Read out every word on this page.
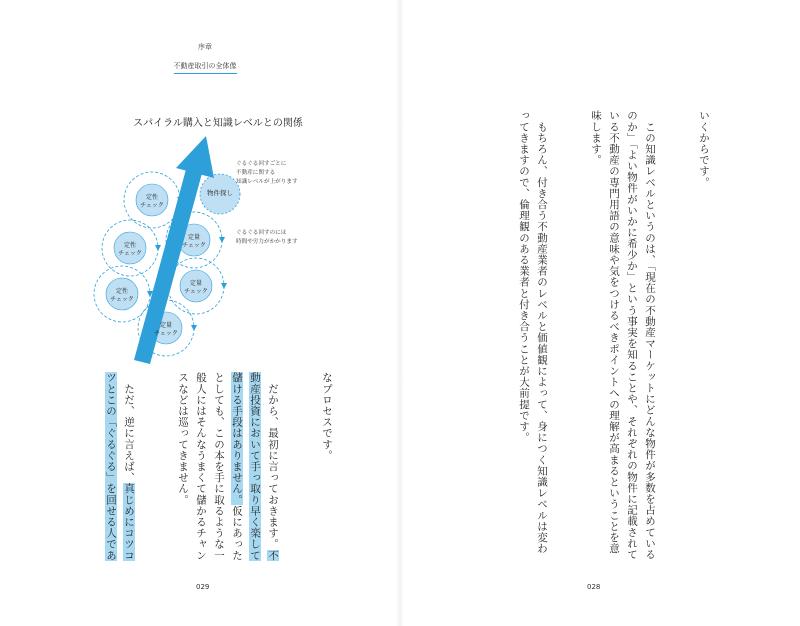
序章
不動産取引の全体像
スパイラル購入と知識レベルとの関係
定性
チェック
定量
チェック
定性
チェック
定量
チェック
定性
チェック
定量
チェック
物件探し
ぐるぐる回すごとに
不動産に関する
知識レベルが上がります
ぐるぐる回すのには
時間や労力がかかります

なプロセスです。

　だから、最初に言っておきます。不動産投資において手っ取り早く楽して儲ける手段はありません。仮にあったとしても、この本を手に取るような一般人にはそんなうまくて儲かるチャンスなどは巡ってきません。

　ただ、逆に言えば、真じめにコツコツとこの「ぐるぐる」を回せる人であ

029	028

いくからです。

　この知識レベルというのは、「現在の不動産マーケットにどんな物件が多数を占めているのか」「よい物件がいかに希少か」という事実を知ることや、それぞれの物件に記載されている不動産の専門用語の意味や気をつけるべきポイントへの理解が高まるということを意味します。

　もちろん、付き合う不動産業者のレベルと価値観によって、身につく知識レベルは変わってきますので、倫理観のある業者と付き合うことが大前提です。
